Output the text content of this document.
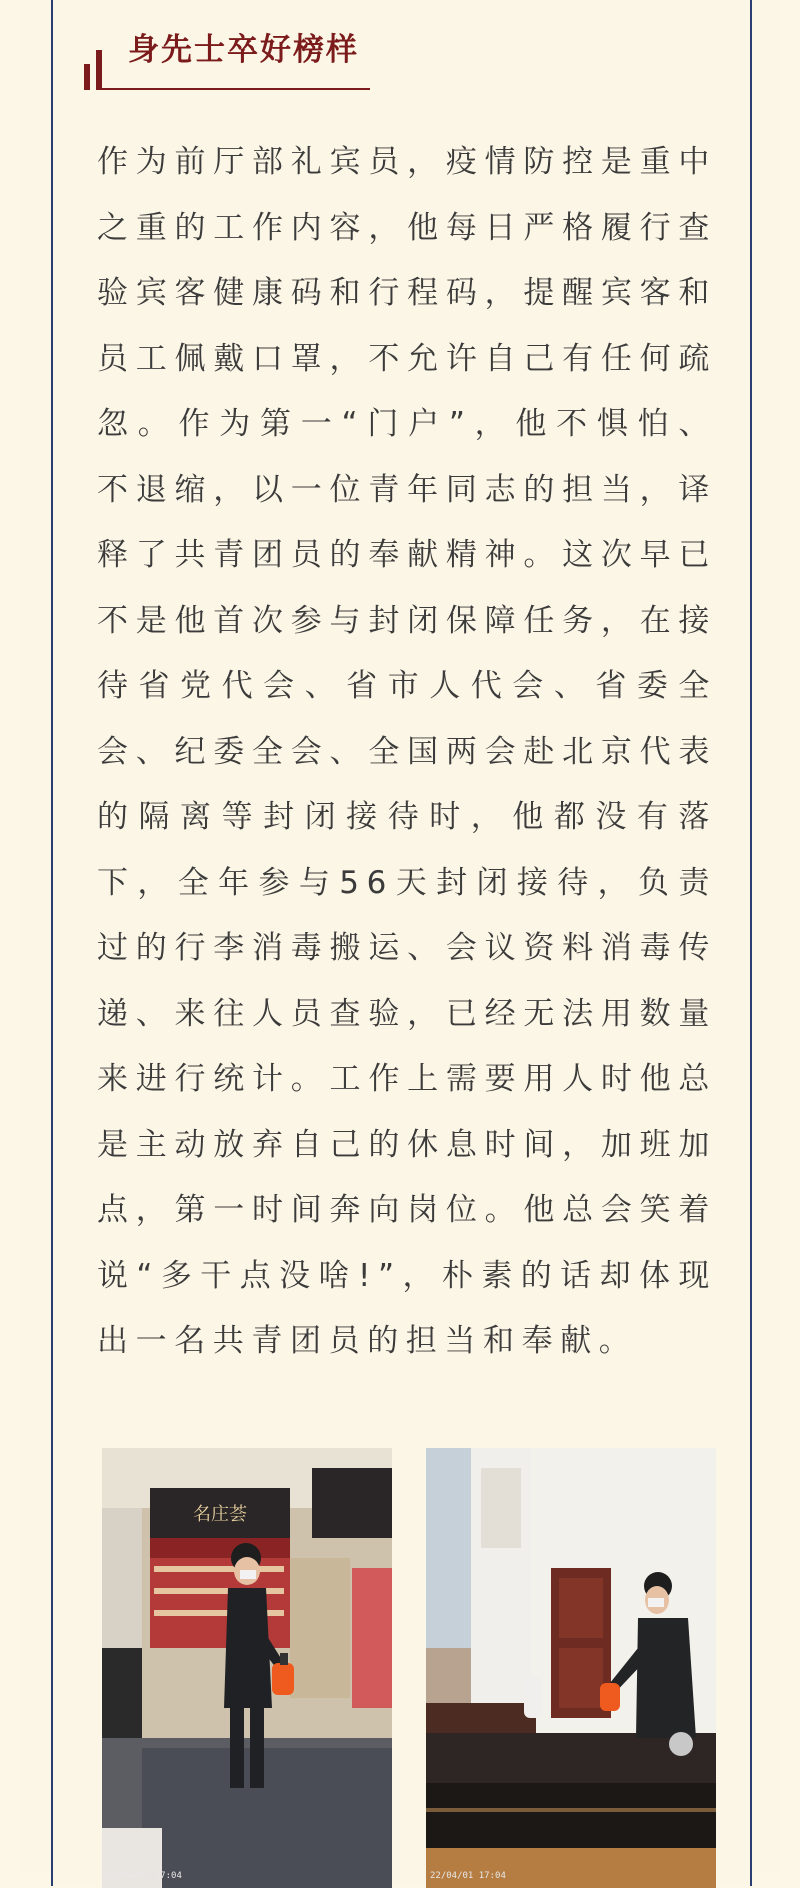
身先士卒好榜样

作为前厅部礼宾员，疫情防控是重中之重的工作内容，他每日严格履行查验宾客健康码和行程码，提醒宾客和员工佩戴口罩，不允许自己有任何疏忽。作为第一“门户”，他不惧怕、不退缩，以一位青年同志的担当，译释了共青团员的奉献精神。这次早已不是他首次参与封闭保障任务，在接待省党代会、省市人代会、省委全会、纪委全会、全国两会赴北京代表的隔离等封闭接待时，他都没有落下，全年参与56天封闭接待，负责过的行李消毒搬运、会议资料消毒传递、来往人员查验，已经无法用数量来进行统计。工作上需要用人时他总是主动放弃自己的休息时间，加班加点，第一时间奔向岗位。他总会笑着说“多干点没啥!”，朴素的话却体现出一名共青团员的担当和奉献。

名庄荟
22/04/01 17:04	22/04/01 17:04
